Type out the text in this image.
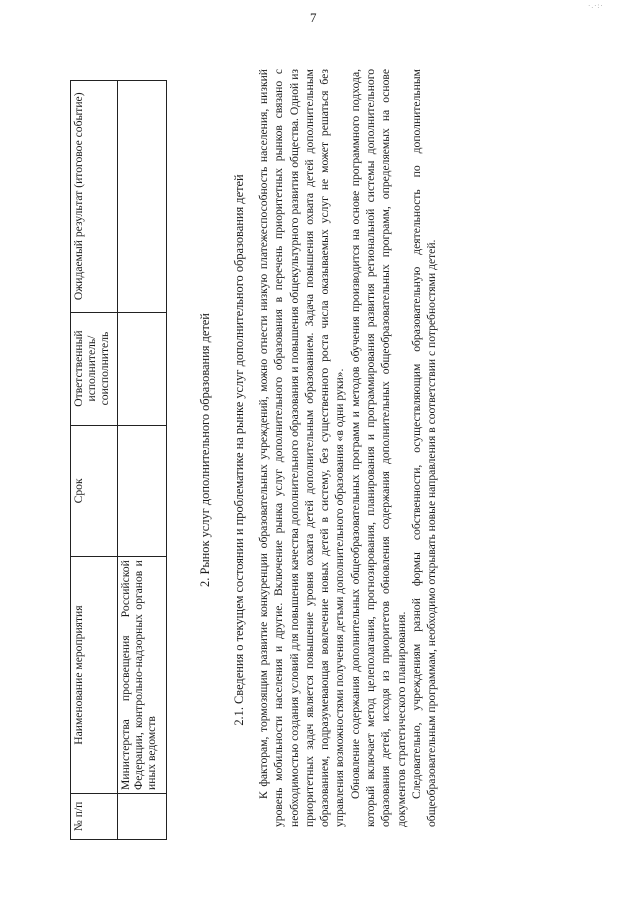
7
·.·:·
№ п/п	Наименование мероприятия	Срок	Ответственный исполнитель/ соисполнитель	Ожидаемый результат (итоговое событие)
	Министерства просвещения Российской Федерации, контрольно-надзорных органов и иных ведомств			
2. Рынок услуг дополнительного образования детей 2.1. Сведения о текущем состоянии и проблематике на рынке услуг дополнительного образования детей К факторам, тормозящим развитие конкуренции образовательных учреждений, можно отнести низкую платежеспособность населения, низкий уровень мобильности населения и другие. Включение рынка услуг дополнительного образования в перечень приоритетных рынков связано с необходимостью создания условий для повышения качества дополнительного образования и повышения общекультурного развития общества. Одной из приоритетных задач является повышение уровня охвата детей дополнительным образованием. Задача повышения охвата детей дополнительным образованием, подразумевающая вовлечение новых детей в систему, без существенного роста числа оказываемых услуг не может решаться без управления возможностями получения детьми дополнительного образования «в одни руки». Обновление содержания дополнительных общеобразовательных программ и методов обучения производится на основе программного подхода, который включает метод целеполагания, прогнозирования, планирования и программирования развития региональной системы дополнительного образования детей, исходя из приоритетов обновления содержания дополнительных общеобразовательных программ, определяемых на основе документов стратегического планирования. Следовательно, учреждениям разной формы собственности, осуществляющим образовательную деятельность по дополнительным общеобразовательным программам, необходимо открывать новые направления в соответствии с потребностями детей.
